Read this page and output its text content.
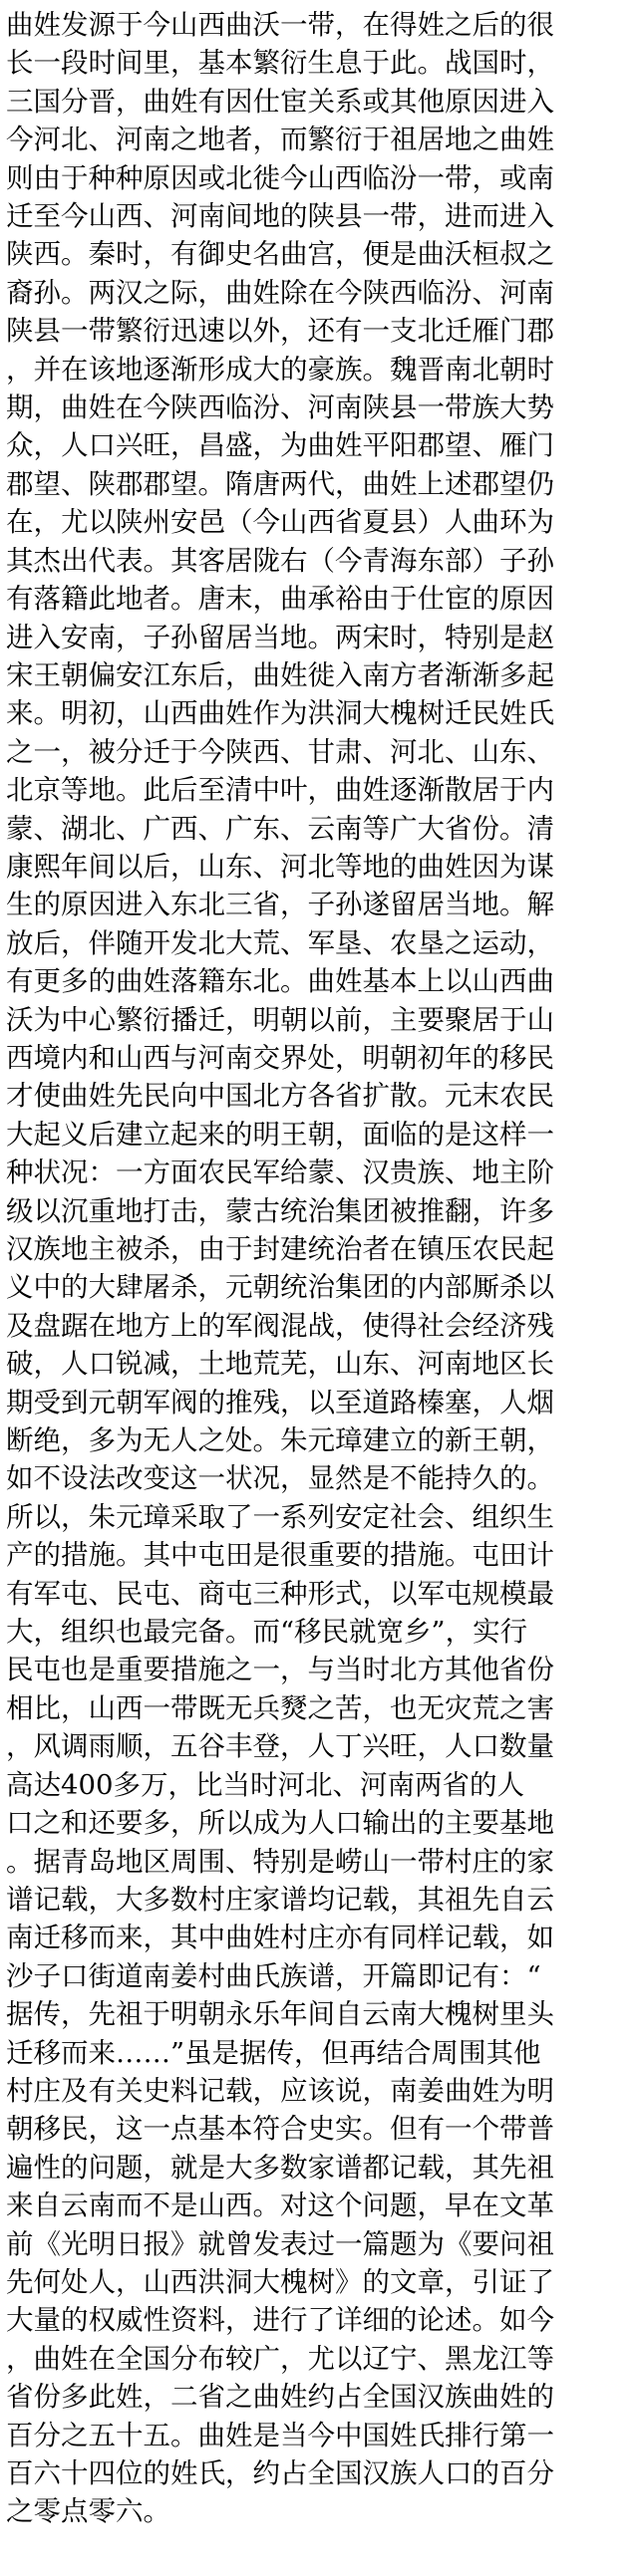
曲姓发源于今山西曲沃一带，在得姓之后的很
长一段时间里，基本繁衍生息于此。战国时，
三国分晋，曲姓有因仕宦关系或其他原因进入
今河北、河南之地者，而繁衍于祖居地之曲姓
则由于种种原因或北徙今山西临汾一带，或南
迁至今山西、河南间地的陕县一带，进而进入
陕西。秦时，有御史名曲宫，便是曲沃桓叔之
裔孙。两汉之际，曲姓除在今陕西临汾、河南
陕县一带繁衍迅速以外，还有一支北迁雁门郡
，并在该地逐渐形成大的豪族。魏晋南北朝时
期，曲姓在今陕西临汾、河南陕县一带族大势
众，人口兴旺，昌盛，为曲姓平阳郡望、雁门
郡望、陕郡郡望。隋唐两代，曲姓上述郡望仍
在，尤以陕州安邑（今山西省夏县）人曲环为
其杰出代表。其客居陇右（今青海东部）子孙
有落籍此地者。唐末，曲承裕由于仕宦的原因
进入安南，子孙留居当地。两宋时，特别是赵
宋王朝偏安江东后，曲姓徙入南方者渐渐多起
来。明初，山西曲姓作为洪洞大槐树迁民姓氏
之一，被分迁于今陕西、甘肃、河北、山东、
北京等地。此后至清中叶，曲姓逐渐散居于内
蒙、湖北、广西、广东、云南等广大省份。清
康熙年间以后，山东、河北等地的曲姓因为谋
生的原因进入东北三省，子孙遂留居当地。解
放后，伴随开发北大荒、军垦、农垦之运动，
有更多的曲姓落籍东北。曲姓基本上以山西曲
沃为中心繁衍播迁，明朝以前，主要聚居于山
西境内和山西与河南交界处，明朝初年的移民
才使曲姓先民向中国北方各省扩散。元末农民
大起义后建立起来的明王朝，面临的是这样一
种状况：一方面农民军给蒙、汉贵族、地主阶
级以沉重地打击，蒙古统治集团被推翻，许多
汉族地主被杀，由于封建统治者在镇压农民起
义中的大肆屠杀，元朝统治集团的内部厮杀以
及盘踞在地方上的军阀混战，使得社会经济残
破，人口锐减，土地荒芜，山东、河南地区长
期受到元朝军阀的推残，以至道路榛塞，人烟
断绝，多为无人之处。朱元璋建立的新王朝，
如不设法改变这一状况，显然是不能持久的。
所以，朱元璋采取了一系列安定社会、组织生
产的措施。其中屯田是很重要的措施。屯田计
有军屯、民屯、商屯三种形式，以军屯规模最
大，组织也最完备。而“移民就宽乡”，实行
民屯也是重要措施之一，与当时北方其他省份
相比，山西一带既无兵燹之苦，也无灾荒之害
，风调雨顺，五谷丰登，人丁兴旺，人口数量
高达400多万，比当时河北、河南两省的人
口之和还要多，所以成为人口输出的主要基地
。据青岛地区周围、特别是崂山一带村庄的家
谱记载，大多数村庄家谱均记载，其祖先自云
南迁移而来，其中曲姓村庄亦有同样记载，如
沙子口街道南姜村曲氏族谱，开篇即记有：“
据传，先祖于明朝永乐年间自云南大槐树里头
迁移而来……”虽是据传，但再结合周围其他
村庄及有关史料记载，应该说，南姜曲姓为明
朝移民，这一点基本符合史实。但有一个带普
遍性的问题，就是大多数家谱都记载，其先祖
来自云南而不是山西。对这个问题，早在文革
前《光明日报》就曾发表过一篇题为《要问祖
先何处人，山西洪洞大槐树》的文章，引证了
大量的权威性资料，进行了详细的论述。如今
，曲姓在全国分布较广，尤以辽宁、黑龙江等
省份多此姓，二省之曲姓约占全国汉族曲姓的
百分之五十五。曲姓是当今中国姓氏排行第一
百六十四位的姓氏，约占全国汉族人口的百分
之零点零六。
